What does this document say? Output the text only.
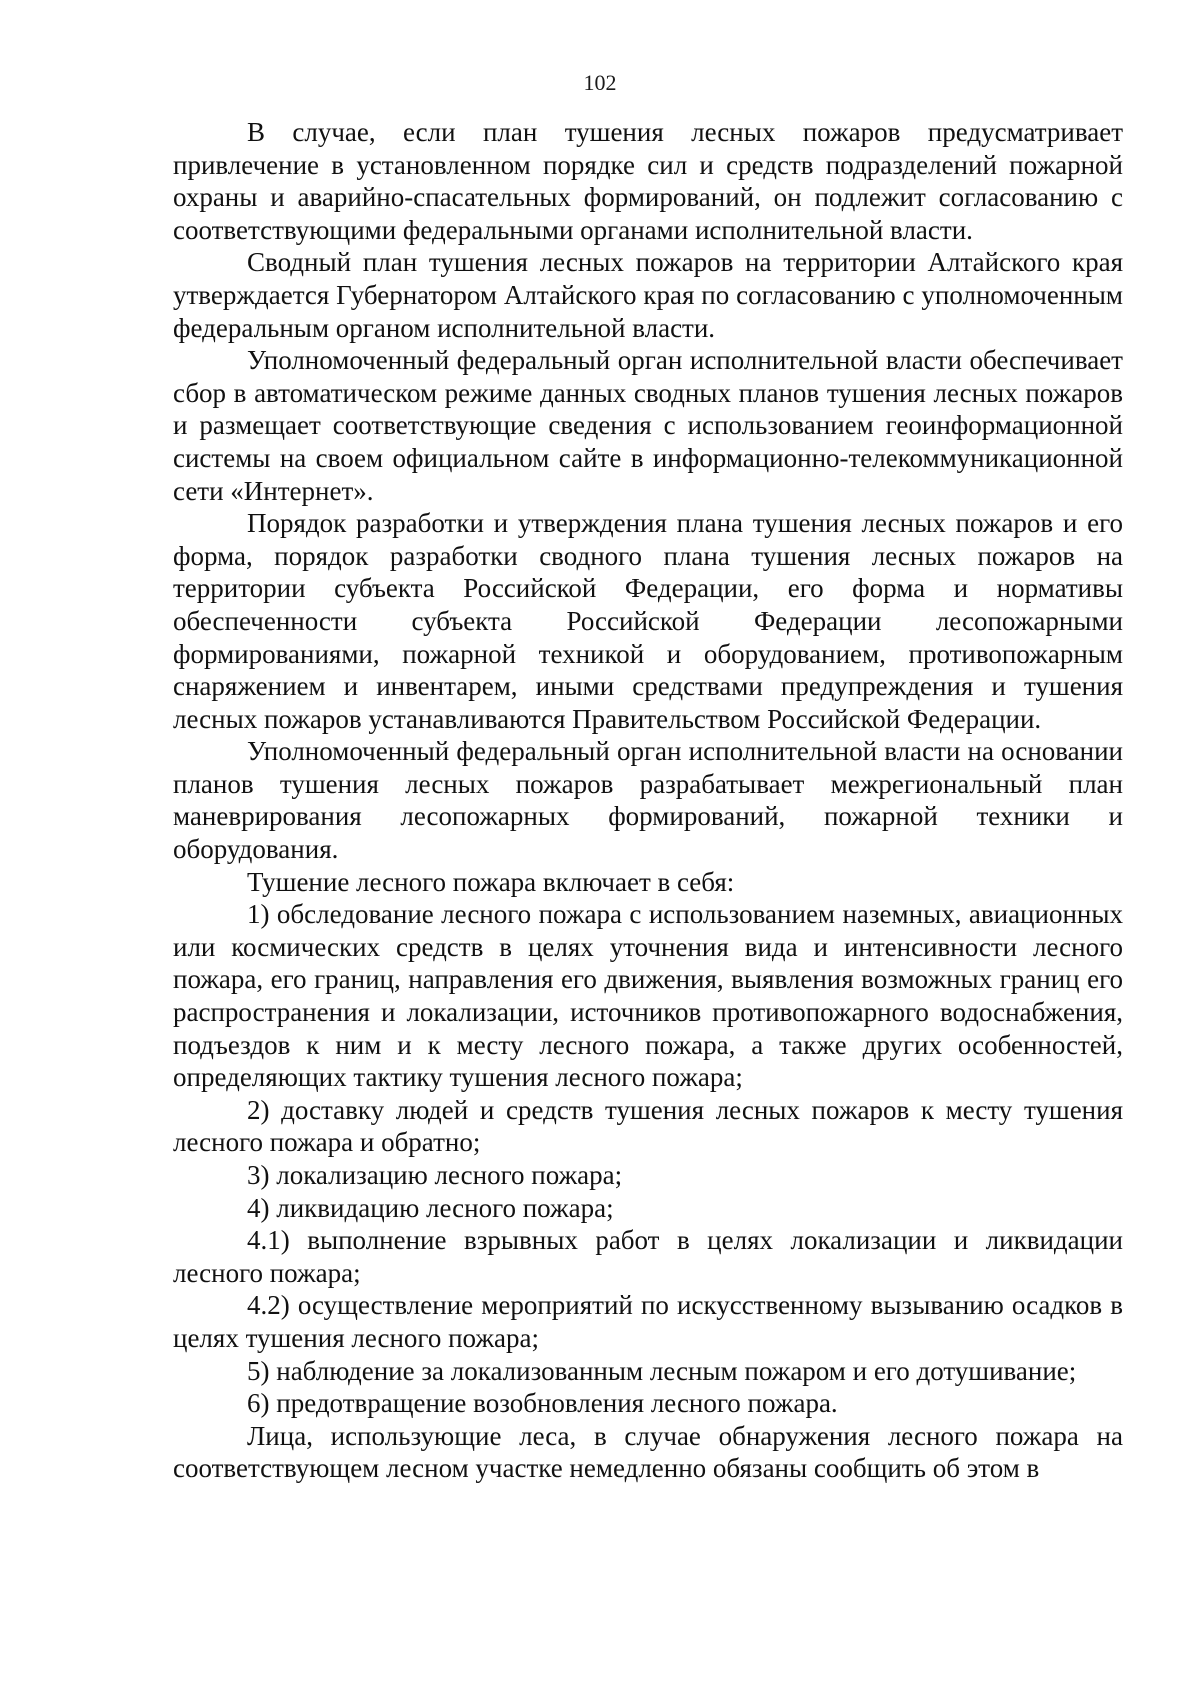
102

В случае, если план тушения лесных пожаров предусматривает привлечение в установленном порядке сил и средств подразделений пожарной охраны и аварийно-спасательных формирований, он подлежит согласованию с соответствующими федеральными органами исполнительной власти.

Сводный план тушения лесных пожаров на территории Алтайского края утверждается Губернатором Алтайского края по согласованию с уполномоченным федеральным органом исполнительной власти.

Уполномоченный федеральный орган исполнительной власти обеспечивает сбор в автоматическом режиме данных сводных планов тушения лесных пожаров и размещает соответствующие сведения с использованием геоинформационной системы на своем официальном сайте в информационно-телекоммуникационной сети «Интернет».

Порядок разработки и утверждения плана тушения лесных пожаров и его форма, порядок разработки сводного плана тушения лесных пожаров на территории субъекта Российской Федерации, его форма и нормативы обеспеченности субъекта Российской Федерации лесопожарными формированиями, пожарной техникой и оборудованием, противопожарным снаряжением и инвентарем, иными средствами предупреждения и тушения лесных пожаров устанавливаются Правительством Российской Федерации.

Уполномоченный федеральный орган исполнительной власти на основании планов тушения лесных пожаров разрабатывает межрегиональный план маневрирования лесопожарных формирований, пожарной техники и оборудования.

Тушение лесного пожара включает в себя:

1) обследование лесного пожара с использованием наземных, авиационных или космических средств в целях уточнения вида и интенсивности лесного пожара, его границ, направления его движения, выявления возможных границ его распространения и локализации, источников противопожарного водоснабжения, подъездов к ним и к месту лесного пожара, а также других особенностей, определяющих тактику тушения лесного пожара;

2) доставку людей и средств тушения лесных пожаров к месту тушения лесного пожара и обратно;

3) локализацию лесного пожара;

4) ликвидацию лесного пожара;

4.1) выполнение взрывных работ в целях локализации и ликвидации лесного пожара;

4.2) осуществление мероприятий по искусственному вызыванию осадков в целях тушения лесного пожара;

5) наблюдение за локализованным лесным пожаром и его дотушивание;

6) предотвращение возобновления лесного пожара.

Лица, использующие леса, в случае обнаружения лесного пожара на соответствующем лесном участке немедленно обязаны сообщить об этом в
